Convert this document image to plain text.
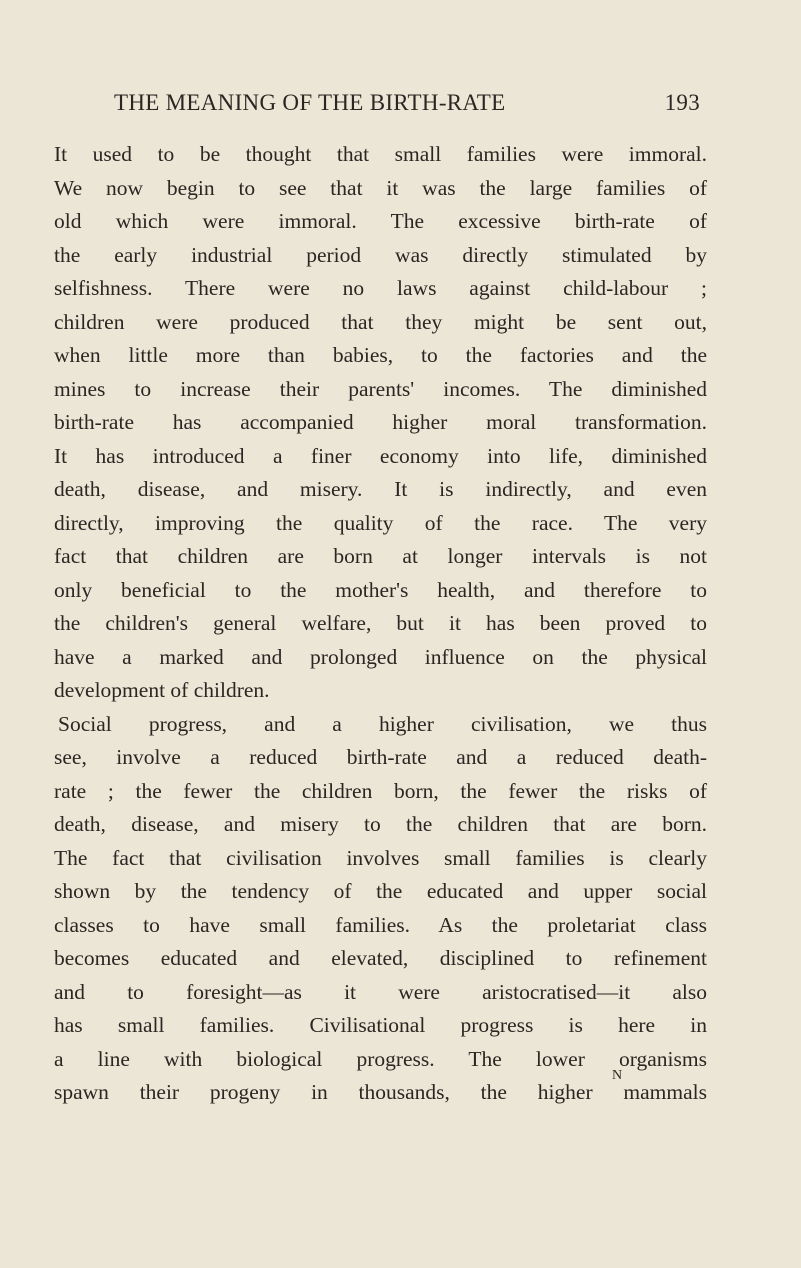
THE MEANING OF THE BIRTH-RATE	193
It used to be thought that small families were immoral.
We now begin to see that it was the large families of
old which were immoral. The excessive birth-rate of
the early industrial period was directly stimulated by
selfishness. There were no laws against child-labour ;
children were produced that they might be sent out,
when little more than babies, to the factories and the
mines to increase their parents' incomes. The diminished
birth-rate has accompanied higher moral transformation.
It has introduced a finer economy into life, diminished
death, disease, and misery. It is indirectly, and even
directly, improving the quality of the race. The very
fact that children are born at longer intervals is not
only beneficial to the mother's health, and therefore to
the children's general welfare, but it has been proved to
have a marked and prolonged influence on the physical
development of children.
Social progress, and a higher civilisation, we thus
see, involve a reduced birth-rate and a reduced death-
rate ; the fewer the children born, the fewer the risks of
death, disease, and misery to the children that are born.
The fact that civilisation involves small families is clearly
shown by the tendency of the educated and upper social
classes to have small families. As the proletariat class
becomes educated and elevated, disciplined to refinement
and to foresight—as it were aristocratised—it also
has small families. Civilisational progress is here in
a line with biological progress. The lower organisms
spawn their progeny in thousands, the higher mammals
N
